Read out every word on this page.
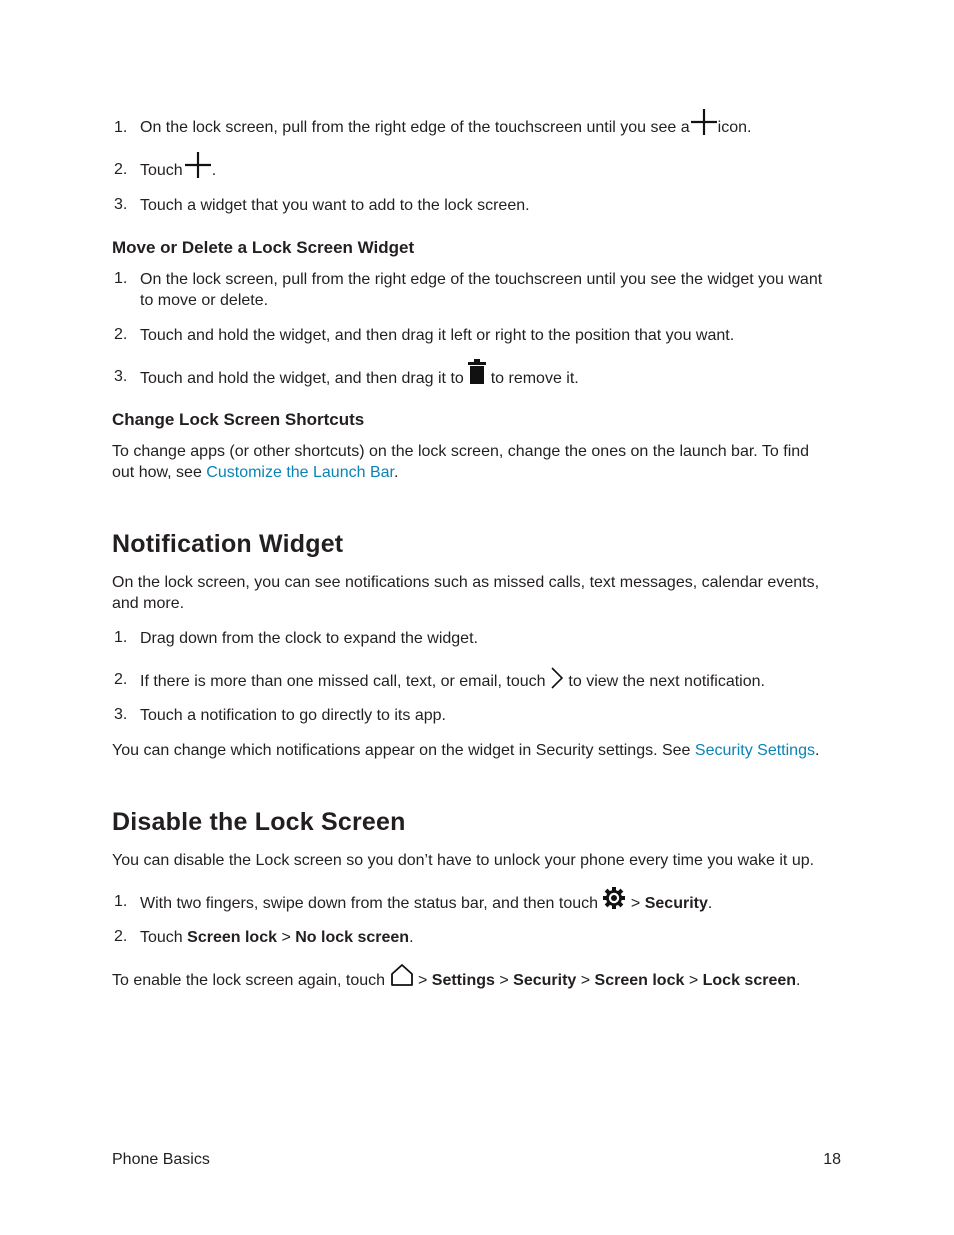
1. On the lock screen, pull from the right edge of the touchscreen until you see a icon.
2. Touch .
3. Touch a widget that you want to add to the lock screen.
Move or Delete a Lock Screen Widget
1. On the lock screen, pull from the right edge of the touchscreen until you see the widget you want
to move or delete.
2. Touch and hold the widget, and then drag it left or right to the position that you want.
3. Touch and hold the widget, and then drag it to to remove it.
Change Lock Screen Shortcuts
To change apps (or other shortcuts) on the lock screen, change the ones on the launch bar. To find
out how, see Customize the Launch Bar.
Notification Widget
On the lock screen, you can see notifications such as missed calls, text messages, calendar events,
and more.
1. Drag down from the clock to expand the widget.
2. If there is more than one missed call, text, or email, touch to view the next notification.
3. Touch a notification to go directly to its app.
You can change which notifications appear on the widget in Security settings. See Security Settings.
Disable the Lock Screen
You can disable the Lock screen so you don’t have to unlock your phone every time you wake it up.
1. With two fingers, swipe down from the status bar, and then touch > Security.
2. Touch Screen lock > No lock screen.
To enable the lock screen again, touch > Settings > Security > Screen lock > Lock screen.
Phone Basics	18
